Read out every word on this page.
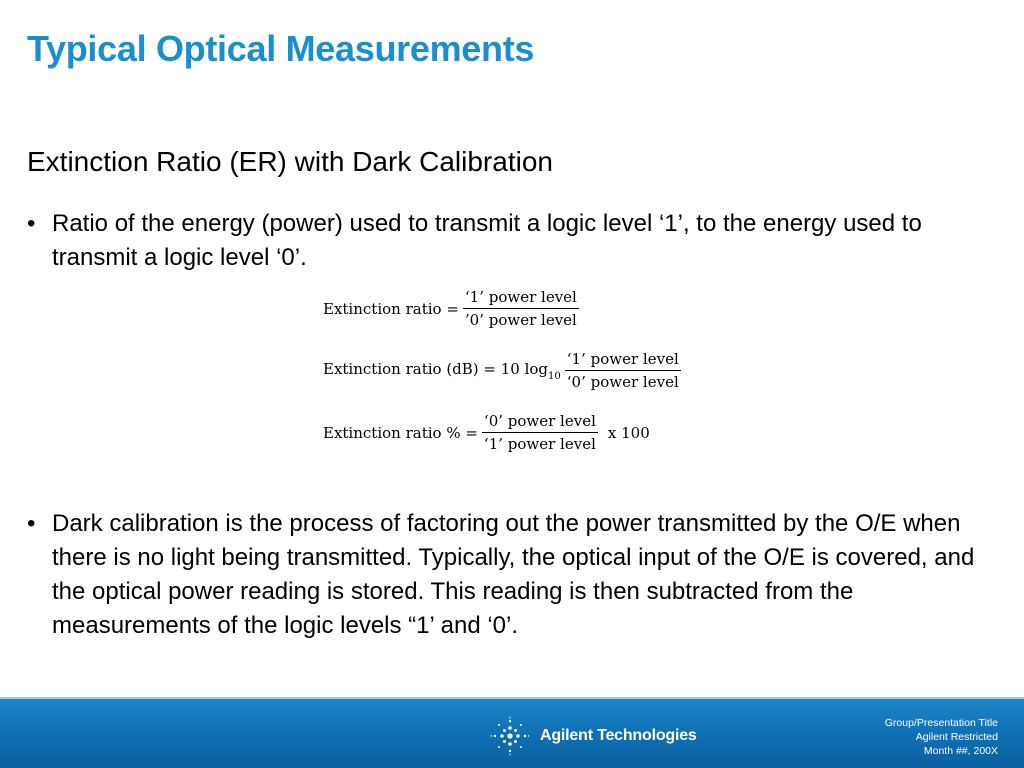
Typical Optical Measurements
Extinction Ratio (ER) with Dark Calibration
• Ratio of the energy (power) used to transmit a logic level ‘1’, to the energy used to transmit a logic level ‘0’.
Extinction ratio = $\frac{\text{‘1’ power level}}{\text{’0’ power level}}$
Extinction ratio (dB) = 10 $\log_{10} \frac{\text{‘1’ power level}}{\text{‘0’ power level}}$
Extinction ratio % = $\frac{\text{‘0’ power level}}{\text{‘1’ power level}}$ x 100
• Dark calibration is the process of factoring out the power transmitted by the O/E when there is no light being transmitted. Typically, the optical input of the O/E is covered, and the optical power reading is stored. This reading is then subtracted from the measurements of the logic levels “1’ and ‘0’.
Agilent Technologies
Group/Presentation Title
Agilent Restricted
Month ##, 200X
